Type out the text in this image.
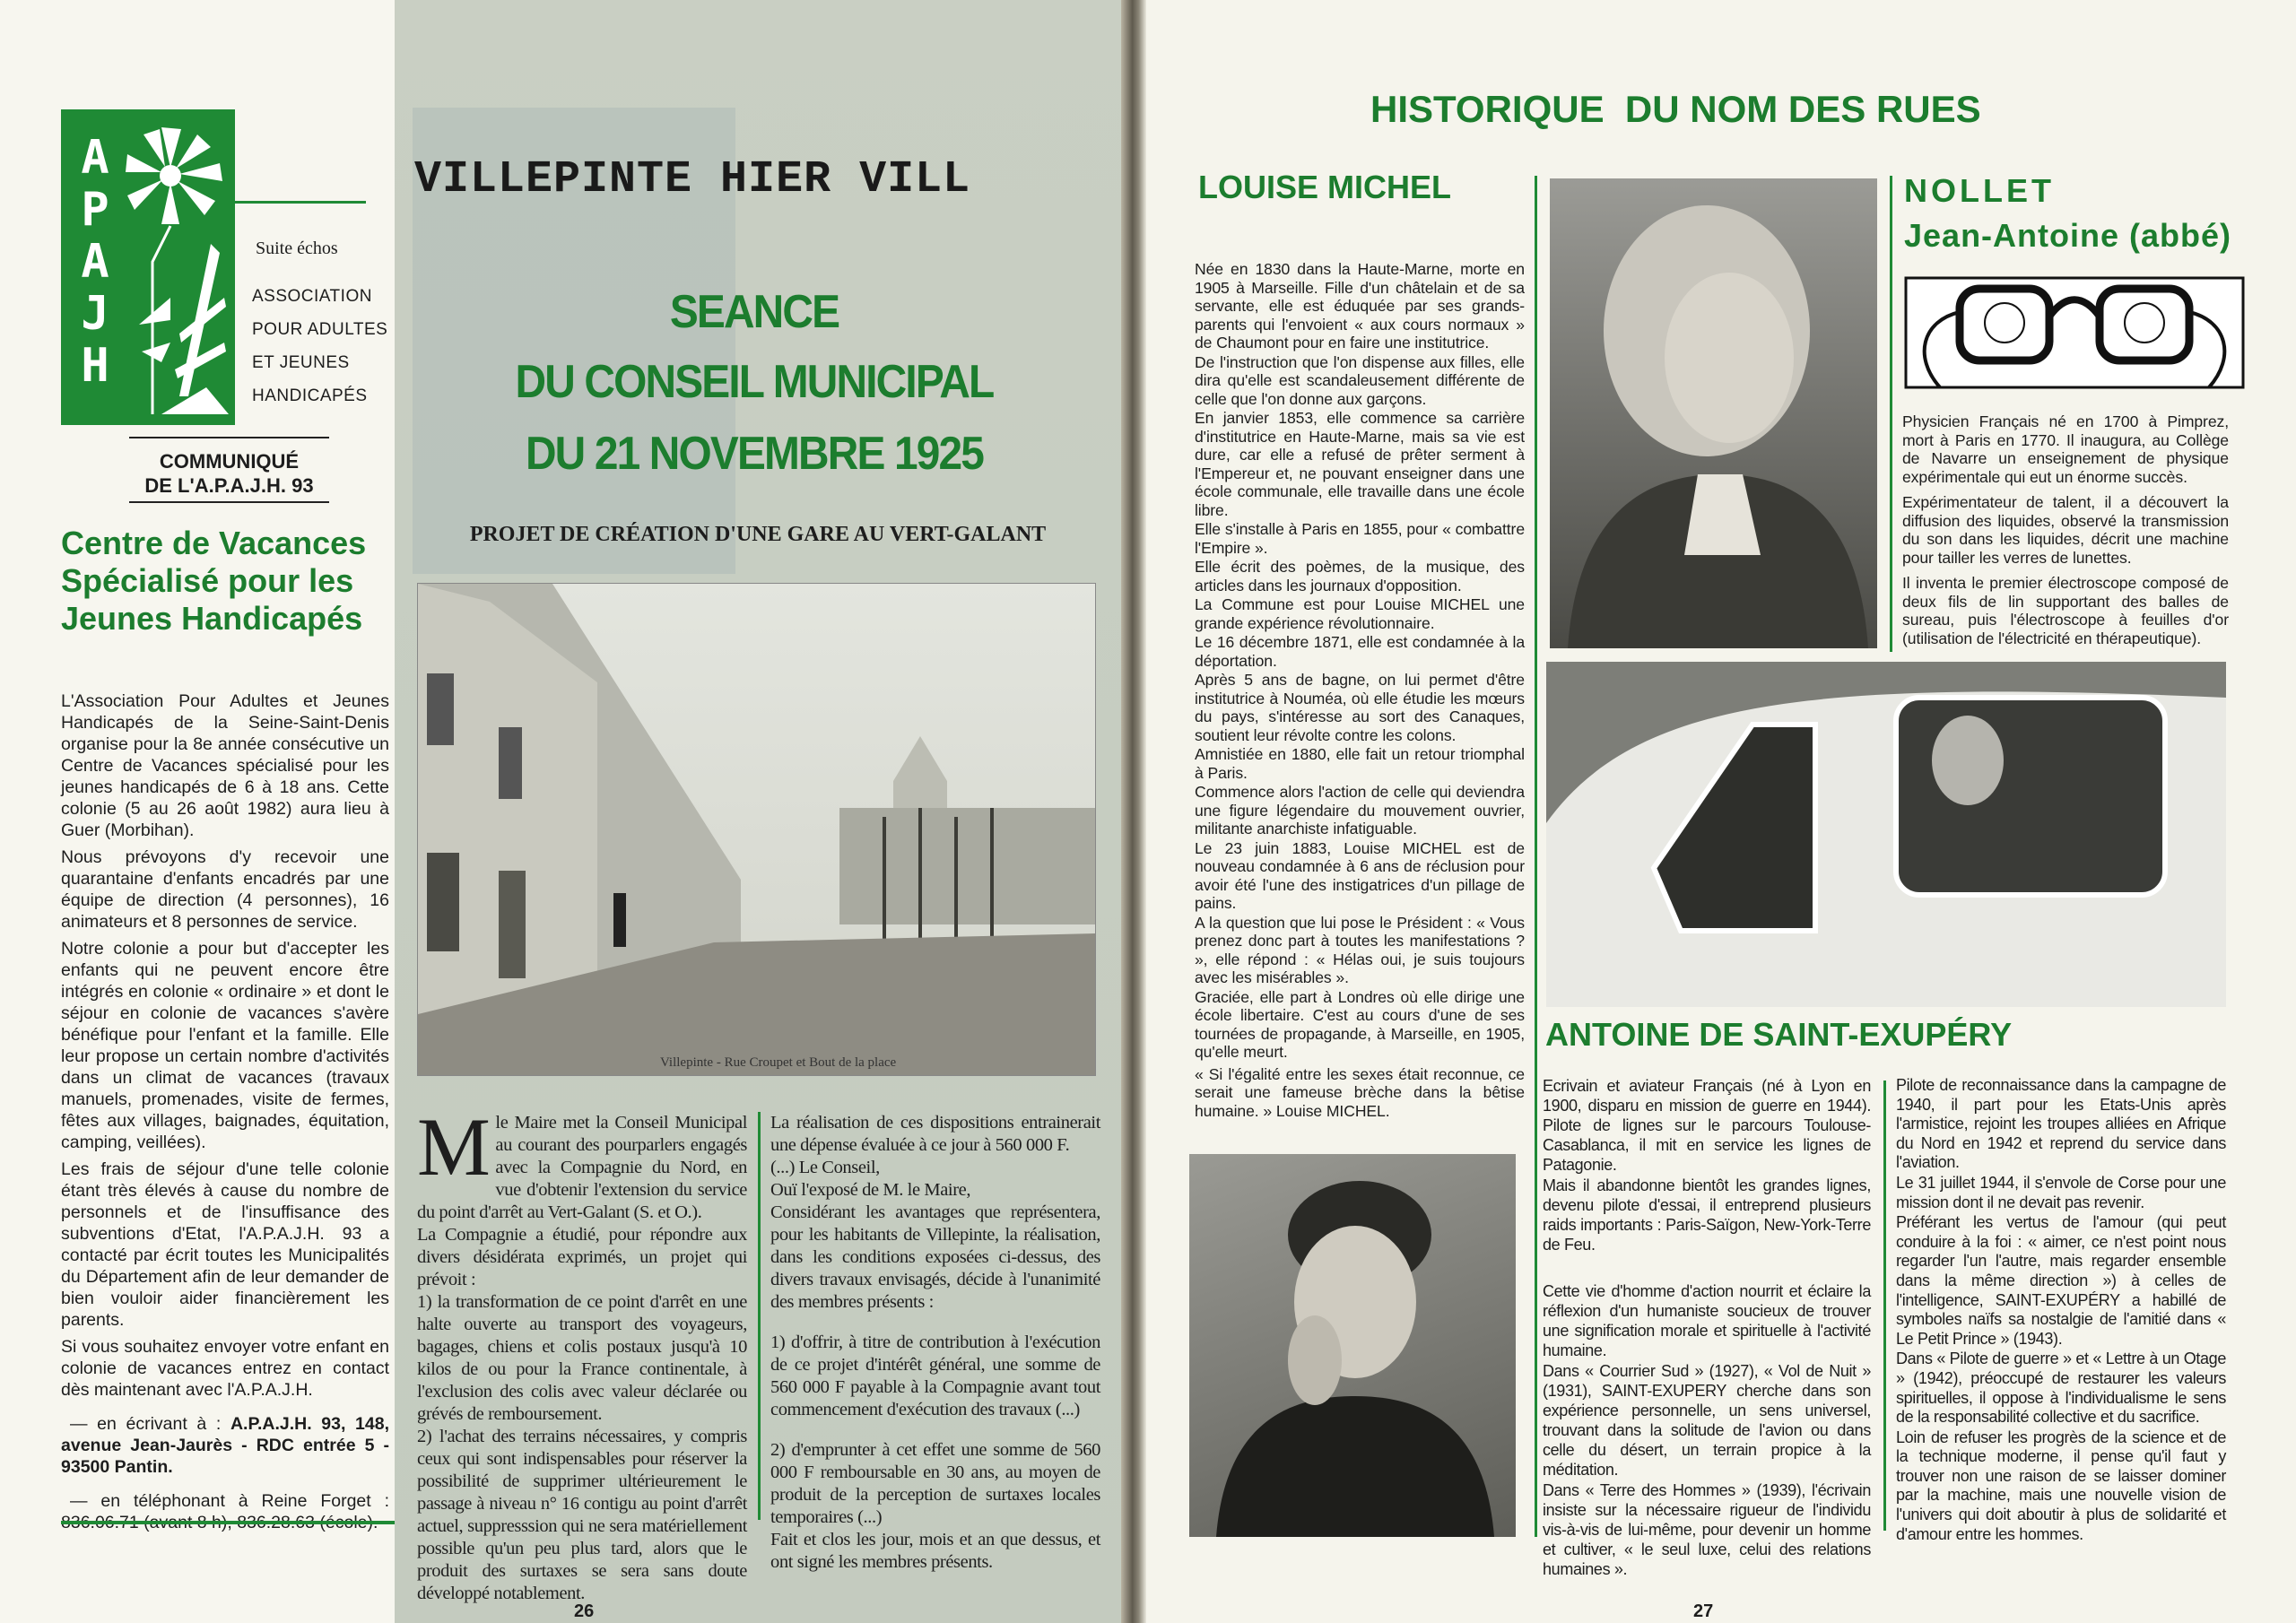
A
P
A
J
H
Suite échos
ASSOCIATION
POUR ADULTES
ET JEUNES
HANDICAPÉS
COMMUNIQUÉ
DE L'A.P.A.J.H. 93
Centre de Vacances
Spécialisé pour les
Jeunes Handicapés

L'Association Pour Adultes et Jeunes Handicapés de la Seine-Saint-Denis organise pour la 8e année consécutive un Centre de Vacances spécialisé pour les jeunes handicapés de 6 à 18 ans. Cette colonie (5 au 26 août 1982) aura lieu à Guer (Morbihan).

Nous prévoyons d'y recevoir une quarantaine d'enfants encadrés par une équipe de direction (4 personnes), 16 animateurs et 8 personnes de service.

Notre colonie a pour but d'accepter les enfants qui ne peuvent encore être intégrés en colonie « ordinaire » et dont le séjour en colonie de vacances s'avère bénéfique pour l'enfant et la famille. Elle leur propose un certain nombre d'activités dans un climat de vacances (travaux manuels, promenades, visite de fermes, fêtes aux villages, baignades, équitation, camping, veillées).

Les frais de séjour d'une telle colonie étant très élevés à cause du nombre de personnels et de l'insuffisance des subventions d'Etat, l'A.P.A.J.H. 93 a contacté par écrit toutes les Municipalités du Département afin de leur demander de bien vouloir aider financièrement les parents.

Si vous souhaitez envoyer votre enfant en colonie de vacances entrez en contact dès maintenant avec l'A.P.A.J.H.

— en écrivant à : A.P.A.J.H. 93, 148, avenue Jean-Jaurès - RDC entrée 5 - 93500 Pantin.

— en téléphonant à Reine Forget :

VILLEPINTE HIER VILL
SEANCE
DU CONSEIL MUNICIPAL
DU 21 NOVEMBRE 1925
PROJET DE CRÉATION D'UNE GARE AU VERT-GALANT
Villepinte - Rue Croupet et Bout de la place
M le Maire met la Conseil Municipal au courant des pourparlers engagés avec la Compagnie du Nord, en vue d'obtenir l'extension du service du point d'arrêt au Vert-Galant (S. et O.).

La Compagnie a étudié, pour répondre aux divers désidérata exprimés, un projet qui prévoit :

1) la transformation de ce point d'arrêt en une halte ouverte au transport des voyageurs, bagages, chiens et colis postaux jusqu'à 10 kilos de ou pour la France continentale, à l'exclusion des colis avec valeur déclarée ou grévés de remboursement.

2) l'achat des terrains nécessaires, y compris ceux qui sont indispensables pour réserver la possibilité de supprimer ultérieurement le passage à niveau n° 16 contigu au point d'arrêt actuel, suppresssion qui ne sera matériellement possible qu'un peu plus tard, alors que le produit des surtaxes se sera sans doute développé notablement.

La réalisation de ces dispositions entrainerait une dépense évaluée à ce jour à 560 000 F.

(...) Le Conseil,

Ouï l'exposé de M. le Maire,

Considérant les avantages que représentera, pour les habitants de Villepinte, la réalisation, dans les conditions exposées ci-dessus, des divers travaux envisagés, décide à l'unanimité des membres présents :

1) d'offrir, à titre de contribution à l'exécution de ce projet d'intérêt général, une somme de 560 000 F payable à la Compagnie avant tout commencement d'exécution des travaux (...)

2) d'emprunter à cet effet une somme de 560 000 F remboursable en 30 ans, au moyen de produit de la perception de surtaxes locales temporaires (...)

Fait et clos les jour, mois et an que dessus, et ont signé les membres présents.

26
HISTORIQUE  DU NOM DES RUES
LOUISE MICHEL

Née en 1830 dans la Haute-Marne, morte en 1905 à Marseille. Fille d'un châtelain et de sa servante, elle est éduquée par ses grands-parents qui l'envoient « aux cours normaux » de Chaumont pour en faire une institutrice.

De l'instruction que l'on dispense aux filles, elle dira qu'elle est scandaleusement différente de celle que l'on donne aux garçons.

En janvier 1853, elle commence sa carrière d'institutrice en Haute-Marne, mais sa vie est dure, car elle a refusé de prêter serment à l'Empereur et, ne pouvant enseigner dans une école communale, elle travaille dans une école libre.

Elle s'installe à Paris en 1855, pour « combattre l'Empire ».

Elle écrit des poèmes, de la musique, des articles dans les journaux d'opposition.

La Commune est pour Louise MICHEL une grande expérience révolutionnaire.

Le 16 décembre 1871, elle est condamnée à la déportation.

Après 5 ans de bagne, on lui permet d'être institutrice à Nouméa, où elle étudie les mœurs du pays, s'intéresse au sort des Canaques, soutient leur révolte contre les colons.

Amnistiée en 1880, elle fait un retour triomphal à Paris.

Commence alors l'action de celle qui deviendra une figure légendaire du mouvement ouvrier, militante anarchiste infatiguable.

Le 23 juin 1883, Louise MICHEL est de nouveau condamnée à 6 ans de réclusion pour avoir été l'une des instigatrices d'un pillage de pains.

A la question que lui pose le Président : « Vous prenez donc part à toutes les manifestations ? », elle répond : « Hélas oui, je suis toujours avec les misérables ».

Graciée, elle part à Londres où elle dirige une école libertaire. C'est au cours d'une de ses tournées de propagande, à Marseille, en 1905, qu'elle meurt.

« Si l'égalité entre les sexes était reconnue, ce serait une fameuse brèche dans la bêtise humaine. » Louise MICHEL.

NOLLET
Jean-Antoine (abbé)

Physicien Français né en 1700 à Pimprez, mort à Paris en 1770. Il inaugura, au Collège de Navarre un enseignement de physique expérimentale qui eut un énorme succès.

Expérimentateur de talent, il a découvert la diffusion des liquides, observé la transmission du son dans les liquides, décrit une machine pour tailler les verres de lunettes.

Il inventa le premier électroscope composé de deux fils de lin supportant des balles de sureau, puis l'électroscope à feuilles d'or (utilisation de l'électricité en thérapeutique).

ANTOINE DE SAINT-EXUPÉRY

Ecrivain et aviateur Français (né à Lyon en 1900, disparu en mission de guerre en 1944). Pilote de lignes sur le parcours Toulouse-Casablanca, il mit en service les lignes de Patagonie.

Mais il abandonne bientôt les grandes lignes, devenu pilote d'essai, il entreprend plusieurs raids importants : Paris-Saïgon, New-York-Terre de Feu.

Cette vie d'homme d'action nourrit et éclaire la réflexion d'un humaniste soucieux de trouver une signification morale et spirituelle à l'activité humaine.

Dans « Courrier Sud » (1927), « Vol de Nuit » (1931), SAINT-EXUPERY cherche dans son expérience personnelle, un sens universel, trouvant dans la solitude de l'avion ou dans celle du désert, un terrain propice à la méditation.

Dans « Terre des Hommes » (1939), l'écrivain insiste sur la nécessaire rigueur de l'individu vis-à-vis de lui-même, pour devenir un homme et cultiver, « le seul luxe, celui des relations humaines ».

Pilote de reconnaissance dans la campagne de 1940, il part pour les Etats-Unis après l'armistice, rejoint les troupes alliées en Afrique du Nord en 1942 et reprend du service dans l'aviation.

Le 31 juillet 1944, il s'envole de Corse pour une mission dont il ne devait pas revenir.

Préférant les vertus de l'amour (qui peut conduire à la foi : « aimer, ce n'est point nous regarder l'un l'autre, mais regarder ensemble dans la même direction ») à celles de l'intelligence, SAINT-EXUPÉRY a habillé de symboles naïfs sa nostalgie de l'amitié dans « Le Petit Prince » (1943).

Dans « Pilote de guerre » et « Lettre à un Otage » (1942), préoccupé de restaurer les valeurs spirituelles, il oppose à l'individualisme le sens de la responsabilité collective et du sacrifice.

Loin de refuser les progrès de la science et de la technique moderne, il pense qu'il faut y trouver non une raison de se laisser dominer par la machine, mais une nouvelle vision de l'univers qui doit aboutir à plus de solidarité et d'amour entre les hommes.

27
